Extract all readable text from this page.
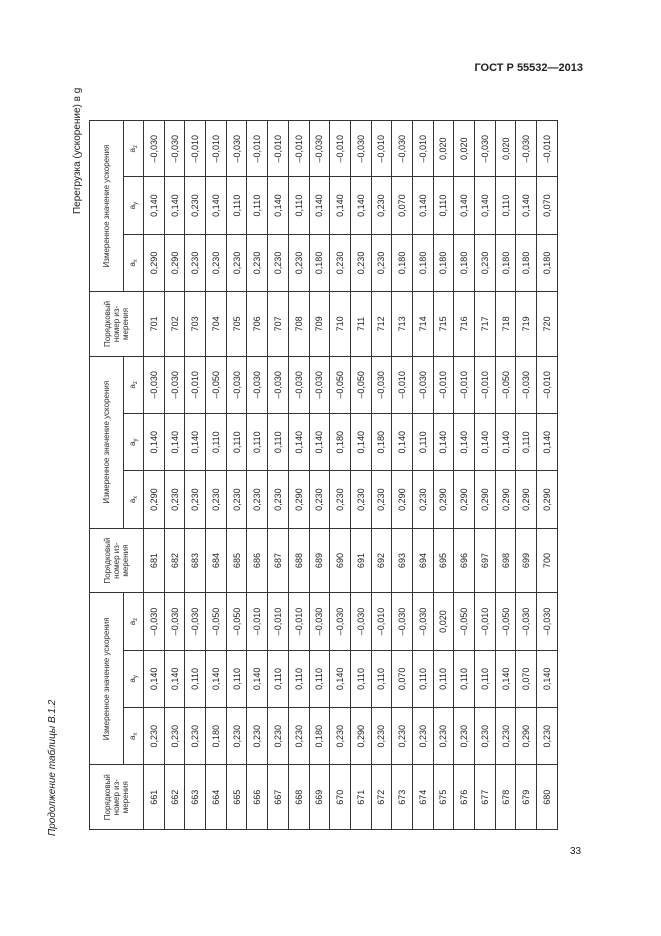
ГОСТ Р 55532—2013
Продолжение таблицы В.1.2
Перегрузка (ускорение) в g
Порядковый номер из-мерения	Измеренное значение ускорения			Порядковый номер из-мерения	Измеренное значение ускорения			Порядковый номер из-мерения	Измеренное значение ускорения		
	$a_x$	$a_y$	$a_z$		$a_x$	$a_y$	$a_z$		$a_x$	$a_y$	$a_z$
661	0,230	0,140	–0,030	681	0,290	0,140	–0,030	701	0,290	0,140	–0,030
662	0,230	0,140	–0,030	682	0,230	0,140	–0,030	702	0,290	0,140	–0,030
663	0,230	0,110	–0,030	683	0,230	0,140	–0,010	703	0,230	0,230	–0,010
664	0,180	0,140	–0,050	684	0,230	0,110	–0,050	704	0,230	0,140	–0,010
665	0,230	0,110	–0,050	685	0,230	0,110	–0,030	705	0,230	0,110	–0,030
666	0,230	0,140	–0,010	686	0,230	0,110	–0,030	706	0,230	0,110	–0,010
667	0,230	0,110	–0,010	687	0,230	0,110	–0,030	707	0,230	0,140	–0,010
668	0,230	0,110	–0,010	688	0,290	0,140	–0,030	708	0,230	0,110	–0,010
669	0,180	0,110	–0,030	689	0,230	0,140	–0,030	709	0,180	0,140	–0,030
670	0,230	0,140	–0,030	690	0,230	0,180	–0,050	710	0,230	0,140	–0,010
671	0,290	0,110	–0,030	691	0,230	0,140	–0,050	711	0,230	0,140	–0,030
672	0,230	0,110	–0,010	692	0,230	0,180	–0,030	712	0,230	0,230	–0,010
673	0,230	0,070	–0,030	693	0,290	0,140	–0,010	713	0,180	0,070	–0,030
674	0,230	0,110	–0,030	694	0,230	0,110	–0,030	714	0,180	0,140	–0,010
675	0,230	0,110	0,020	695	0,290	0,140	–0,010	715	0,180	0,110	0,020
676	0,230	0,110	–0,050	696	0,290	0,140	–0,010	716	0,180	0,140	0,020
677	0,230	0,110	–0,010	697	0,290	0,140	–0,010	717	0,230	0,140	–0,030
678	0,230	0,140	–0,050	698	0,290	0,140	–0,050	718	0,180	0,110	0,020
679	0,290	0,070	–0,030	699	0,290	0,110	–0,030	719	0,180	0,140	–0,030
680	0,230	0,140	–0,030	700	0,290	0,140	–0,010	720	0,180	0,070	–0,010
33
